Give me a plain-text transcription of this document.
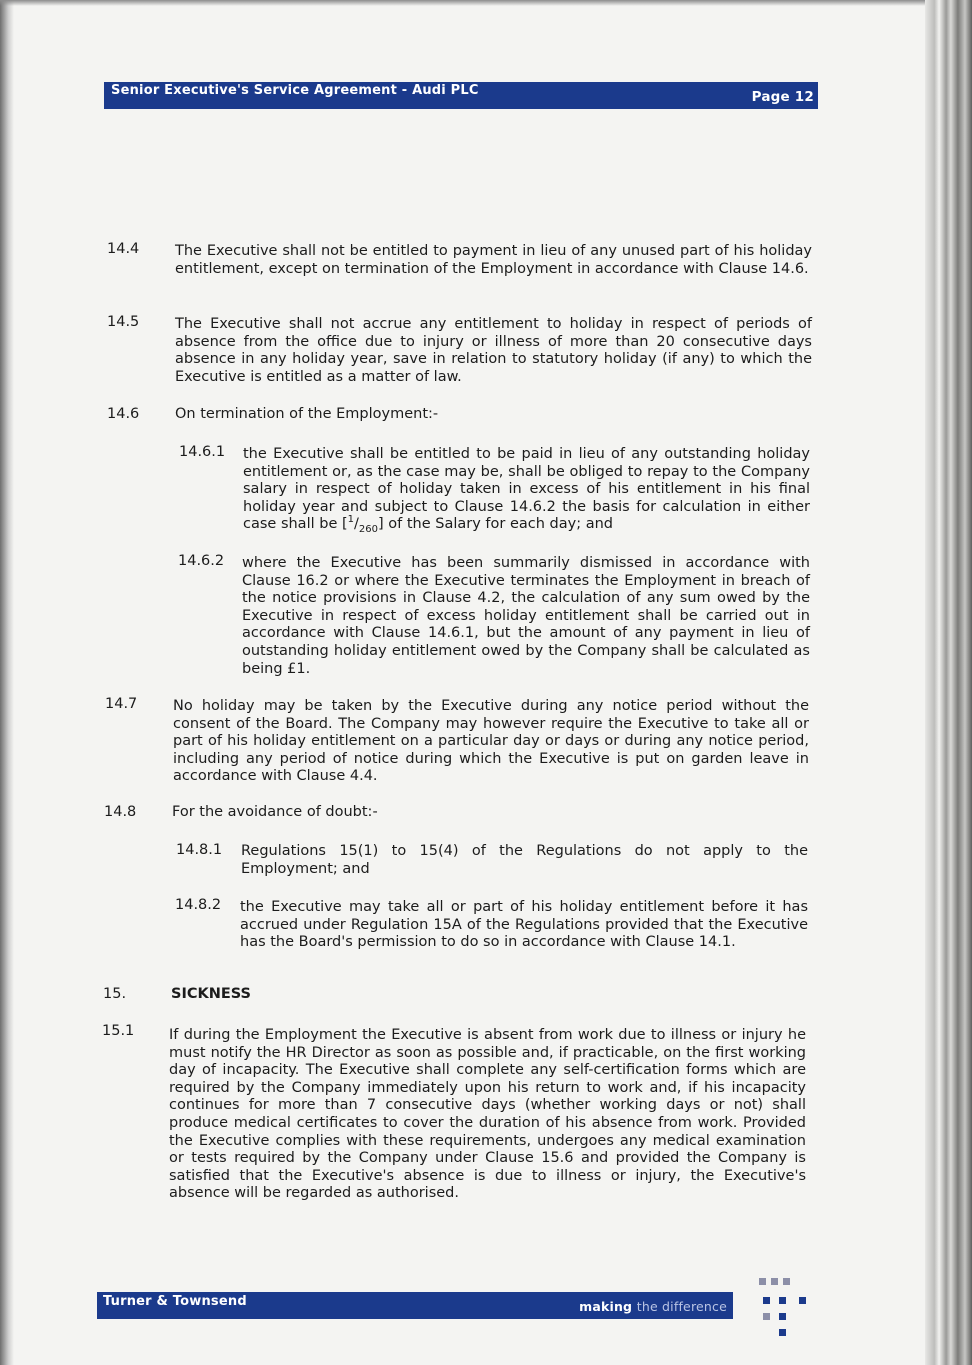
Senior Executive's Service Agreement - Audi PLC	Page 12
14.4 The Executive shall not be entitled to payment in lieu of any unused part of his holiday entitlement, except on termination of the Employment in accordance with Clause 14.6.
14.5 The Executive shall not accrue any entitlement to holiday in respect of periods of absence from the office due to injury or illness of more than 20 consecutive days absence in any holiday year, save in relation to statutory holiday (if any) to which the Executive is entitled as a matter of law.
14.6 On termination of the Employment:-
14.6.1 the Executive shall be entitled to be paid in lieu of any outstanding holiday entitlement or, as the case may be, shall be obliged to repay to the Company salary in respect of holiday taken in excess of his entitlement in his final holiday year and subject to Clause 14.6.2 the basis for calculation in either case shall be $[^1/_{260}]$ of the Salary for each day; and
14.6.2 where the Executive has been summarily dismissed in accordance with Clause 16.2 or where the Executive terminates the Employment in breach of the notice provisions in Clause 4.2, the calculation of any sum owed by the Executive in respect of excess holiday entitlement shall be carried out in accordance with Clause 14.6.1, but the amount of any payment in lieu of outstanding holiday entitlement owed by the Company shall be calculated as being £1.
14.7 No holiday may be taken by the Executive during any notice period without the consent of the Board. The Company may however require the Executive to take all or part of his holiday entitlement on a particular day or days or during any notice period, including any period of notice during which the Executive is put on garden leave in accordance with Clause 4.4.
14.8 For the avoidance of doubt:-
14.8.1 Regulations 15(1) to 15(4) of the Regulations do not apply to the Employment; and
14.8.2 the Executive may take all or part of his holiday entitlement before it has accrued under Regulation 15A of the Regulations provided that the Executive has the Board's permission to do so in accordance with Clause 14.1.
15.	SICKNESS
15.1 If during the Employment the Executive is absent from work due to illness or injury he must notify the HR Director as soon as possible and, if practicable, on the first working day of incapacity. The Executive shall complete any self-certification forms which are required by the Company immediately upon his return to work and, if his incapacity continues for more than 7 consecutive days (whether working days or not) shall produce medical certificates to cover the duration of his absence from work. Provided the Executive complies with these requirements, undergoes any medical examination or tests required by the Company under Clause 15.6 and provided the Company is satisfied that the Executive's absence is due to illness or injury, the Executive's absence will be regarded as authorised.
Turner & Townsend	making the difference
